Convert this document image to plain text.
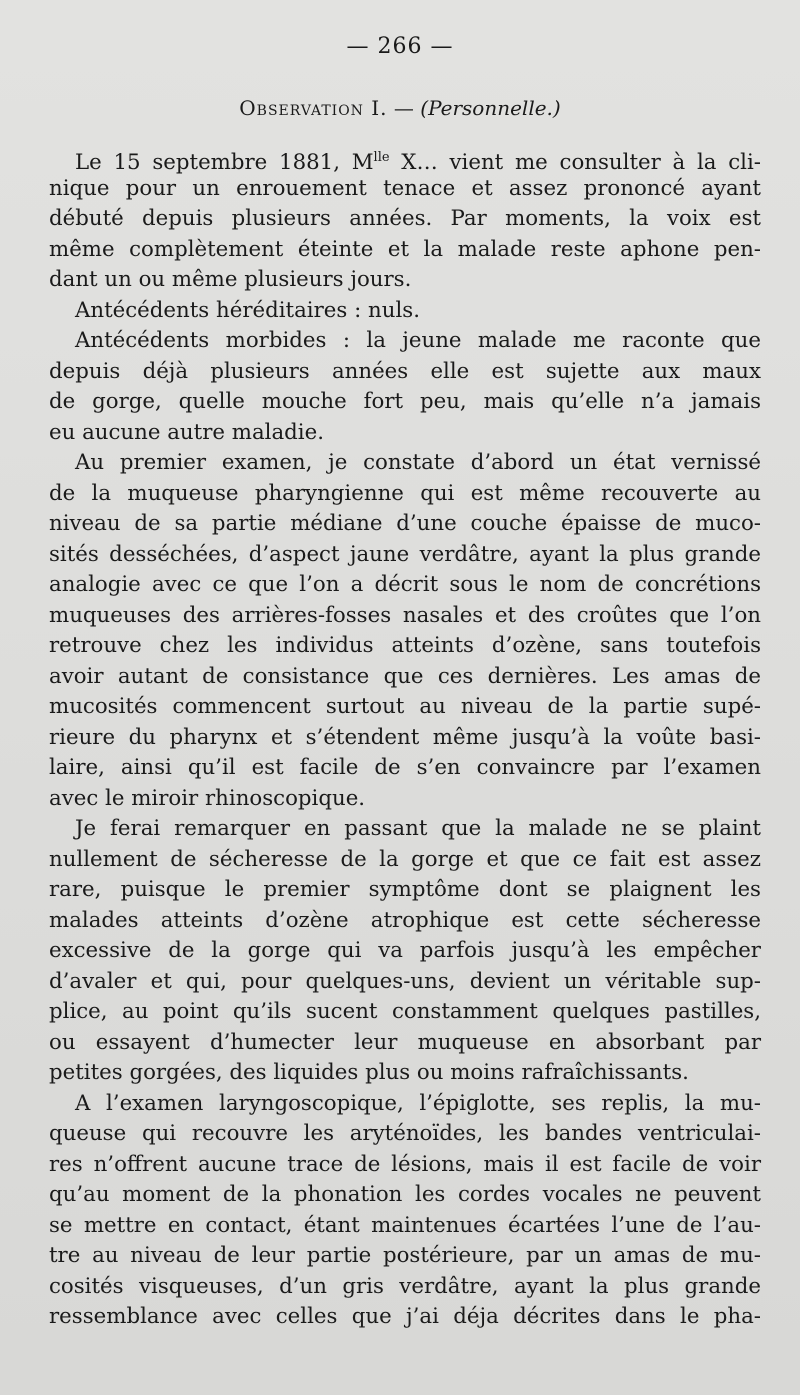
— 266 —
Observation I. — (Personnelle.)
Le 15 septembre 1881, $M^{lle}$ X… vient me consulter à la cli-
nique pour un enrouement tenace et assez prononcé ayant
débuté depuis plusieurs années. Par moments, la voix est
même complètement éteinte et la malade reste aphone pen-
dant un ou même plusieurs jours.
Antécédents héréditaires : nuls.
Antécédents morbides : la jeune malade me raconte que
depuis déjà plusieurs années elle est sujette aux maux
de gorge, quelle mouche fort peu, mais qu’elle n’a jamais
eu aucune autre maladie.
Au premier examen, je constate d’abord un état vernissé
de la muqueuse pharyngienne qui est même recouverte au
niveau de sa partie médiane d’une couche épaisse de muco-
sités desséchées, d’aspect jaune verdâtre, ayant la plus grande
analogie avec ce que l’on a décrit sous le nom de concrétions
muqueuses des arrières-fosses nasales et des croûtes que l’on
retrouve chez les individus atteints d’ozène, sans toutefois
avoir autant de consistance que ces dernières. Les amas de
mucosités commencent surtout au niveau de la partie supé-
rieure du pharynx et s’étendent même jusqu’à la voûte basi-
laire, ainsi qu’il est facile de s’en convaincre par l’examen
avec le miroir rhinoscopique.
Je ferai remarquer en passant que la malade ne se plaint
nullement de sécheresse de la gorge et que ce fait est assez
rare, puisque le premier symptôme dont se plaignent les
malades atteints d’ozène atrophique est cette sécheresse
excessive de la gorge qui va parfois jusqu’à les empêcher
d’avaler et qui, pour quelques-uns, devient un véritable sup-
plice, au point qu’ils sucent constamment quelques pastilles,
ou essayent d’humecter leur muqueuse en absorbant par
petites gorgées, des liquides plus ou moins rafraîchissants.
A l’examen laryngoscopique, l’épiglotte, ses replis, la mu-
queuse qui recouvre les aryténoïdes, les bandes ventriculai-
res n’offrent aucune trace de lésions, mais il est facile de voir
qu’au moment de la phonation les cordes vocales ne peuvent
se mettre en contact, étant maintenues écartées l’une de l’au-
tre au niveau de leur partie postérieure, par un amas de mu-
cosités visqueuses, d’un gris verdâtre, ayant la plus grande
ressemblance avec celles que j’ai déja décrites dans le pha-
